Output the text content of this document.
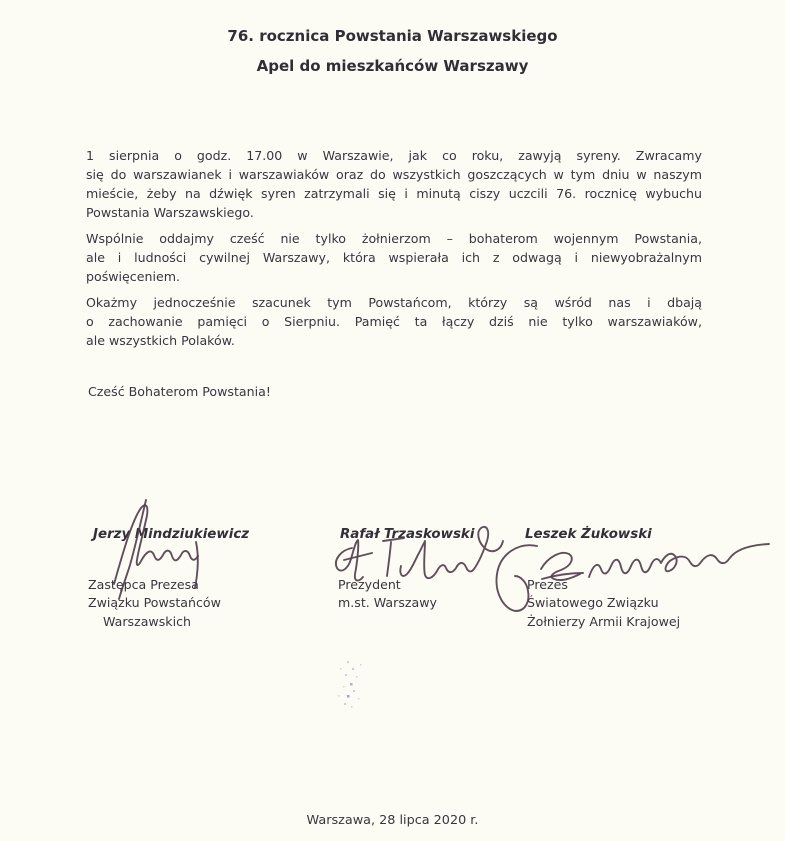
76. rocznica Powstania Warszawskiego
Apel do mieszkańców Warszawy
1 sierpnia o godz. 17.00 w Warszawie, jak co roku, zawyją syreny. Zwracamy
się do warszawianek i warszawiaków oraz do wszystkich goszczących w tym dniu w naszym
mieście, żeby na dźwięk syren zatrzymali się i minutą ciszy uczcili 76. rocznicę wybuchu
Powstania Warszawskiego.
Wspólnie oddajmy cześć nie tylko żołnierzom – bohaterom wojennym Powstania,
ale i ludności cywilnej Warszawy, która wspierała ich z odwagą i niewyobrażalnym
poświęceniem.
Okażmy jednocześnie szacunek tym Powstańcom, którzy są wśród nas i dbają
o zachowanie pamięci o Sierpniu. Pamięć ta łączy dziś nie tylko warszawiaków,
ale wszystkich Polaków.
Cześć Bohaterom Powstania!
Jerzy Mindziukiewicz
Zastępca Prezesa
Związku Powstańców
Warszawskich
Rafał Trzaskowski
Prezydent
m.st. Warszawy
Leszek Żukowski
Prezes
Światowego Związku
Żołnierzy Armii Krajowej
Warszawa, 28 lipca 2020 r.
